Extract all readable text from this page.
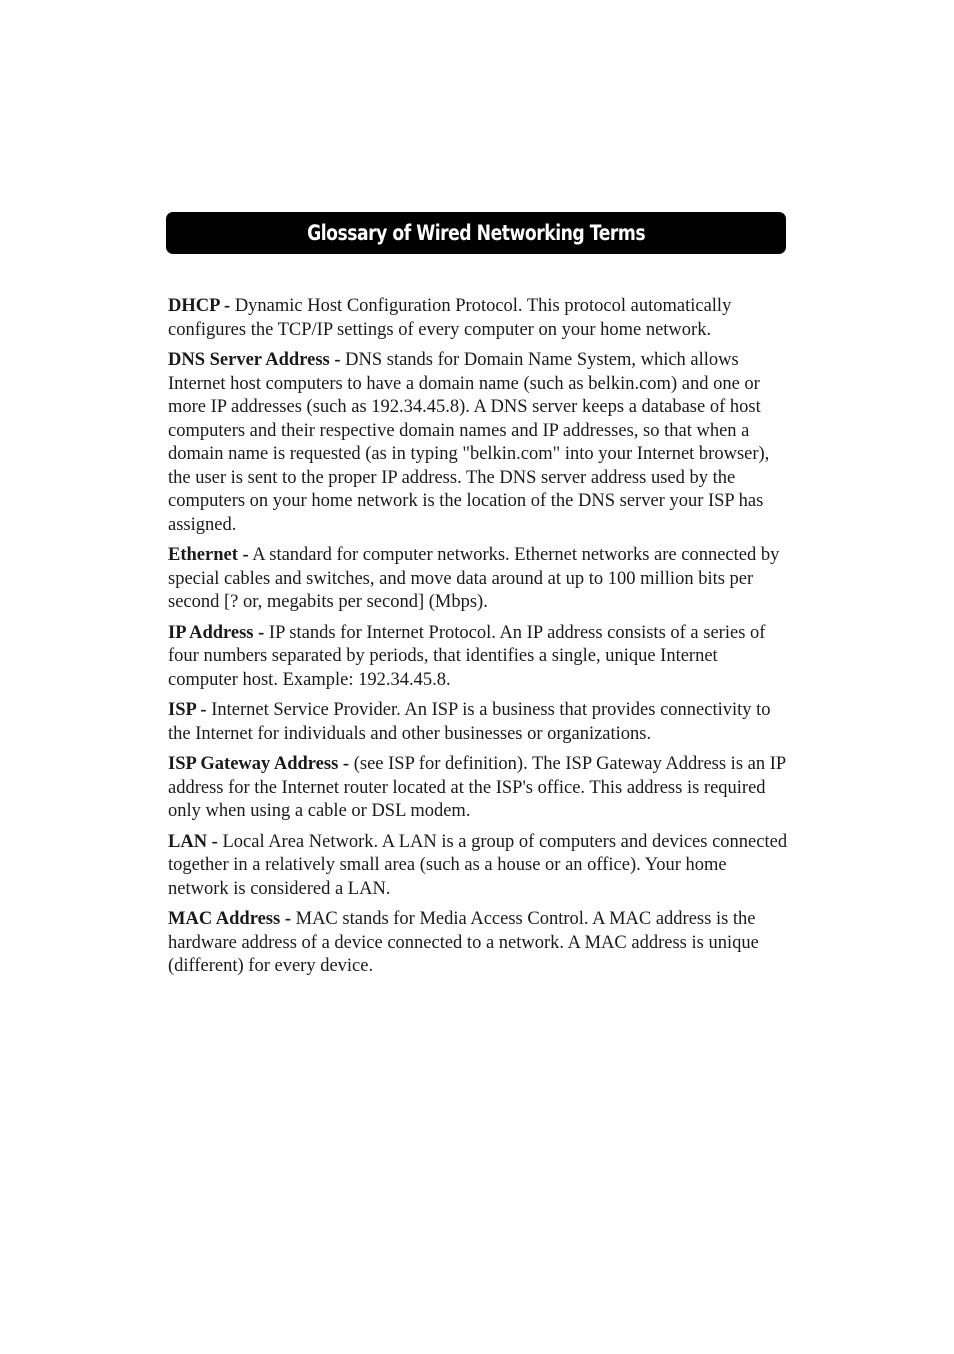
Glossary of Wired Networking Terms

DHCP - Dynamic Host Configuration Protocol. This protocol automatically configures the TCP/IP settings of every computer on your home network.

DNS Server Address - DNS stands for Domain Name System, which allows Internet host computers to have a domain name (such as belkin.com) and one or more IP addresses (such as 192.34.45.8). A DNS server keeps a database of host computers and their respective domain names and IP addresses, so that when a domain name is requested (as in typing "belkin.com" into your Internet browser), the user is sent to the proper IP address. The DNS server address used by the computers on your home network is the location of the DNS server your ISP has assigned.

Ethernet - A standard for computer networks. Ethernet networks are connected by special cables and switches, and move data around at up to 100 million bits per second [? or, megabits per second] (Mbps).

IP Address - IP stands for Internet Protocol. An IP address consists of a series of four numbers separated by periods, that identifies a single, unique Internet computer host. Example: 192.34.45.8.

ISP - Internet Service Provider. An ISP is a business that provides connectivity to the Internet for individuals and other businesses or organizations.

ISP Gateway Address - (see ISP for definition). The ISP Gateway Address is an IP address for the Internet router located at the ISP's office. This address is required only when using a cable or DSL modem.

LAN - Local Area Network. A LAN is a group of computers and devices connected together in a relatively small area (such as a house or an office). Your home network is considered a LAN.

MAC Address - MAC stands for Media Access Control. A MAC address is the hardware address of a device connected to a network. A MAC address is unique (different) for every device.
